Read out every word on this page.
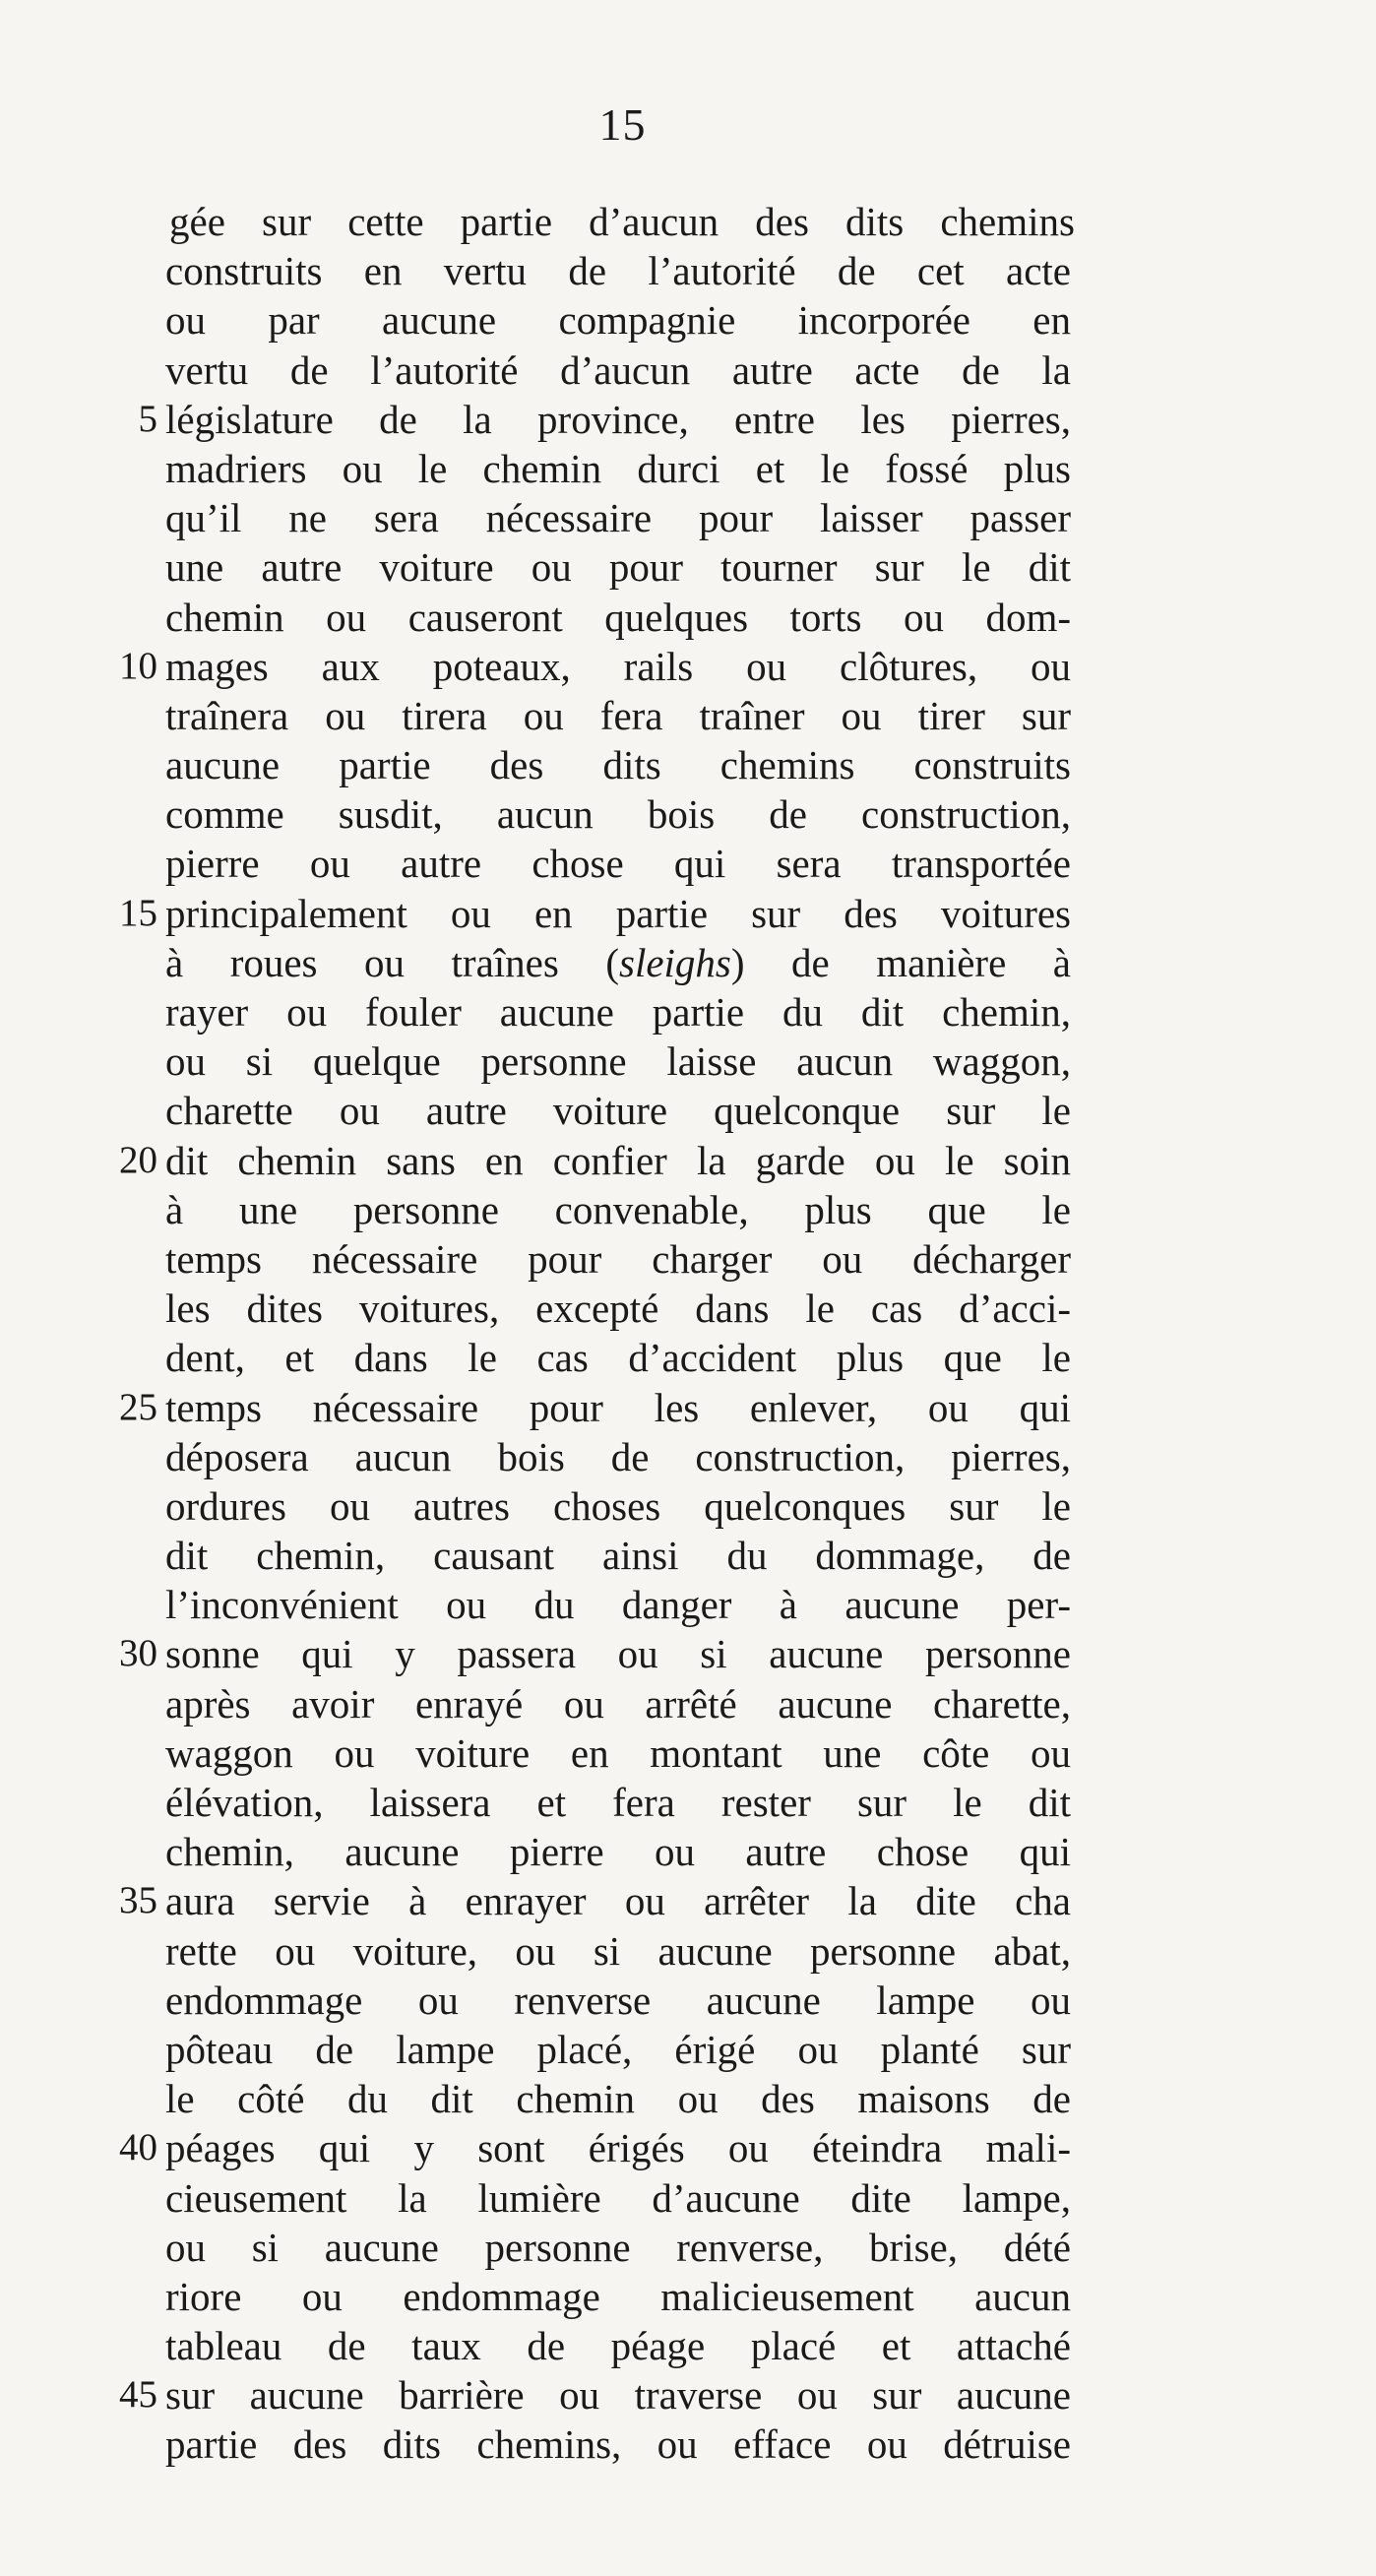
15
gée sur cette partie d’aucun des dits chemins
construits en vertu de l’autorité de cet acte
ou par aucune compagnie incorporée en
vertu de l’autorité d’aucun autre acte de la
5 législature de la province, entre les pierres,
madriers ou le chemin durci et le fossé plus
qu’il ne sera nécessaire pour laisser passer
une autre voiture ou pour tourner sur le dit
chemin ou causeront quelques torts ou dom-
10 mages aux poteaux, rails ou clôtures, ou
traînera ou tirera ou fera traîner ou tirer sur
aucune partie des dits chemins construits
comme susdit, aucun bois de construction,
pierre ou autre chose qui sera transportée
15 principalement ou en partie sur des voitures
à roues ou traînes (sleighs) de manière à
rayer ou fouler aucune partie du dit chemin,
ou si quelque personne laisse aucun waggon,
charette ou autre voiture quelconque sur le
20 dit chemin sans en confier la garde ou le soin
à une personne convenable, plus que le
temps nécessaire pour charger ou décharger
les dites voitures, excepté dans le cas d’acci-
dent, et dans le cas d’accident plus que le
25 temps nécessaire pour les enlever, ou qui
déposera aucun bois de construction, pierres,
ordures ou autres choses quelconques sur le
dit chemin, causant ainsi du dommage, de
l’inconvénient ou du danger à aucune per-
30 sonne qui y passera ou si aucune personne
après avoir enrayé ou arrêté aucune charette,
waggon ou voiture en montant une côte ou
élévation, laissera et fera rester sur le dit
chemin, aucune pierre ou autre chose qui
35 aura servie à enrayer ou arrêter la dite cha
rette ou voiture, ou si aucune personne abat,
endommage ou renverse aucune lampe ou
pôteau de lampe placé, érigé ou planté sur
le côté du dit chemin ou des maisons de
40 péages qui y sont érigés ou éteindra mali-
cieusement la lumière d’aucune dite lampe,
ou si aucune personne renverse, brise, dété
riore ou endommage malicieusement aucun
tableau de taux de péage placé et attaché
45 sur aucune barrière ou traverse ou sur aucune
partie des dits chemins, ou efface ou détruise
